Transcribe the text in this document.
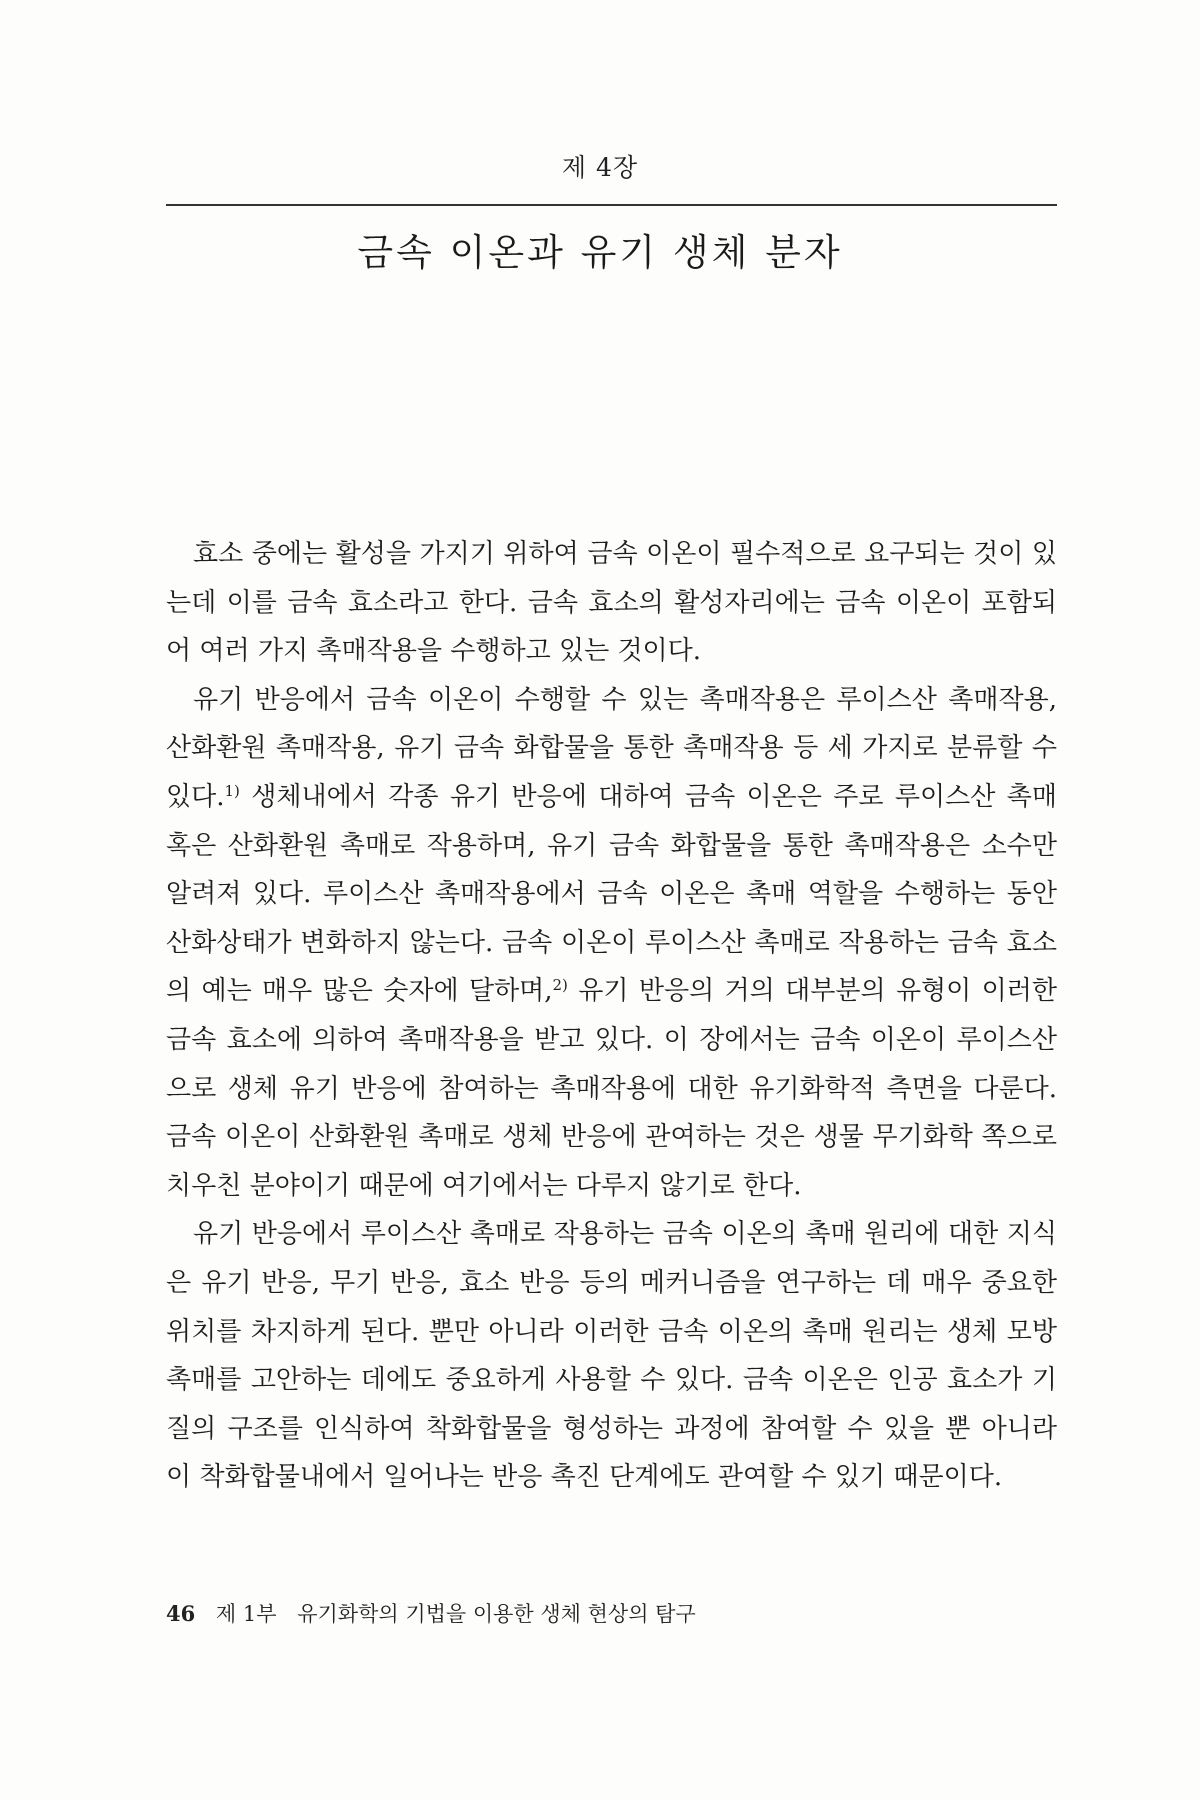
제 4장
금속 이온과 유기 생체 분자

효소 중에는 활성을 가지기 위하여 금속 이온이 필수적으로 요구되는 것이 있는데 이를 금속 효소라고 한다. 금속 효소의 활성자리에는 금속 이온이 포함되어 여러 가지 촉매작용을 수행하고 있는 것이다.

유기 반응에서 금속 이온이 수행할 수 있는 촉매작용은 루이스산 촉매작용, 산화환원 촉매작용, 유기 금속 화합물을 통한 촉매작용 등 세 가지로 분류할 수 있다.$^{1)}$ 생체내에서 각종 유기 반응에 대하여 금속 이온은 주로 루이스산 촉매 혹은 산화환원 촉매로 작용하며, 유기 금속 화합물을 통한 촉매작용은 소수만 알려져 있다. 루이스산 촉매작용에서 금속 이온은 촉매 역할을 수행하는 동안 산화상태가 변화하지 않는다. 금속 이온이 루이스산 촉매로 작용하는 금속 효소의 예는 매우 많은 숫자에 달하며,$^{2)}$ 유기 반응의 거의 대부분의 유형이 이러한 금속 효소에 의하여 촉매작용을 받고 있다. 이 장에서는 금속 이온이 루이스산으로 생체 유기 반응에 참여하는 촉매작용에 대한 유기화학적 측면을 다룬다. 금속 이온이 산화환원 촉매로 생체 반응에 관여하는 것은 생물 무기화학 쪽으로 치우친 분야이기 때문에 여기에서는 다루지 않기로 한다.

유기 반응에서 루이스산 촉매로 작용하는 금속 이온의 촉매 원리에 대한 지식은 유기 반응, 무기 반응, 효소 반응 등의 메커니즘을 연구하는 데 매우 중요한 위치를 차지하게 된다. 뿐만 아니라 이러한 금속 이온의 촉매 원리는 생체 모방 촉매를 고안하는 데에도 중요하게 사용할 수 있다. 금속 이온은 인공 효소가 기질의 구조를 인식하여 착화합물을 형성하는 과정에 참여할 수 있을 뿐 아니라 이 착화합물내에서 일어나는 반응 촉진 단계에도 관여할 수 있기 때문이다.

46 제 1부 유기화학의 기법을 이용한 생체 현상의 탐구
